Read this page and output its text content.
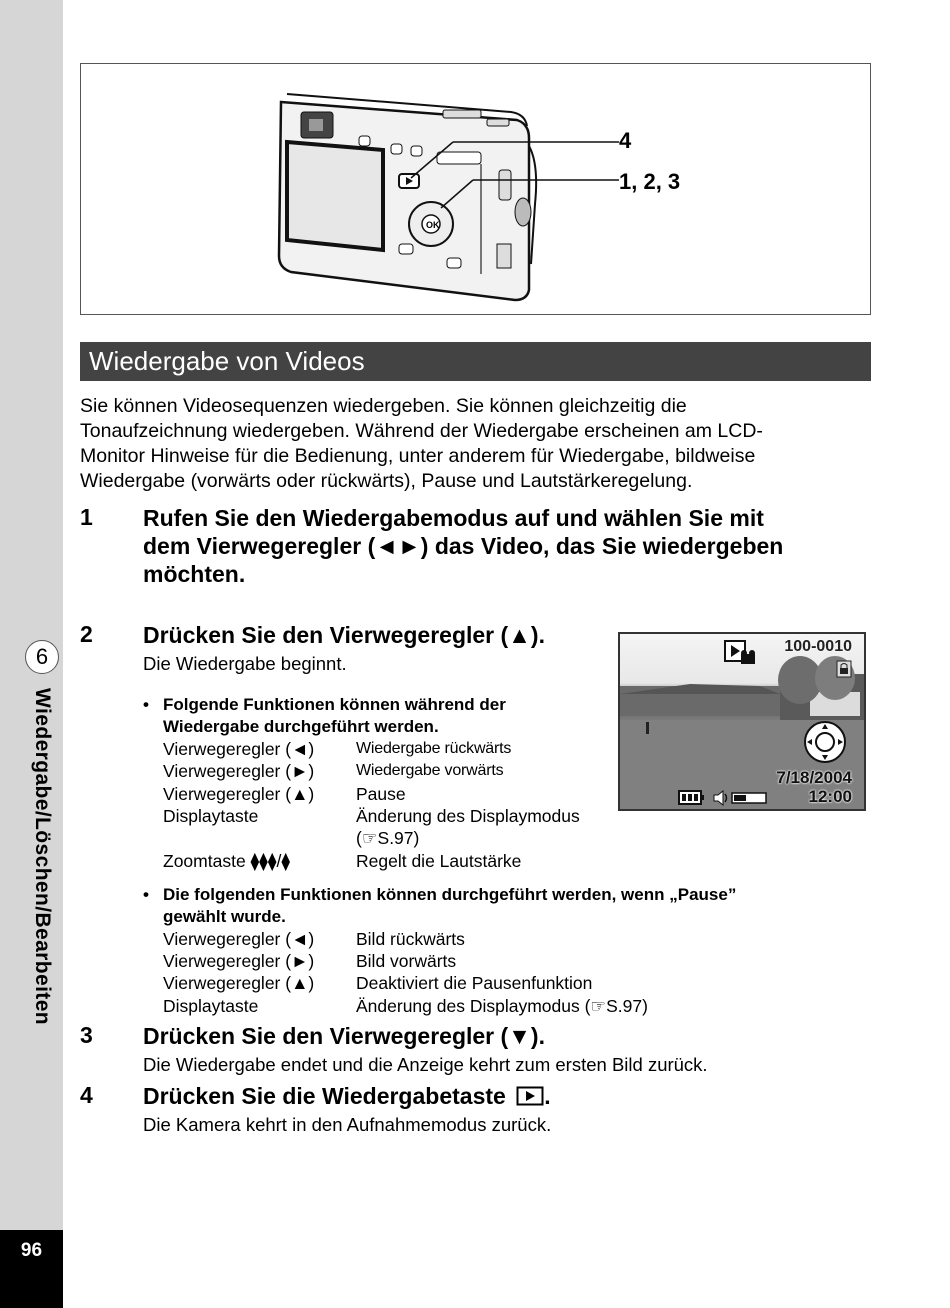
6
Wiedergabe/Löschen/Bearbeiten
96
OK
4
1, 2, 3
Wiedergabe von Videos
Sie können Videosequenzen wiedergeben. Sie können gleichzeitig die
Tonaufzeichnung wiedergeben. Während der Wiedergabe erscheinen am LCD-
Monitor Hinweise für die Bedienung, unter anderem für Wiedergabe, bildweise
Wiedergabe (vorwärts oder rückwärts), Pause und Lautstärkeregelung.
1 Rufen Sie den Wiedergabemodus auf und wählen Sie mit
dem Vierwegeregler (◄►) das Video, das Sie wiedergeben
möchten.
2 Drücken Sie den Vierwegeregler (▲).
Die Wiedergabe beginnt.
• Folgende Funktionen können während der
Wiedergabe durchgeführt werden.
Vierwegeregler (◄)	Wiedergabe rückwärts
Vierwegeregler (►)	Wiedergabe vorwärts
Vierwegeregler (▲) Pause
Displaytaste	Änderung des Displaymodus
(☞S.97)
Zoomtaste ⧫⧫⧫/⧫	Regelt die Lautstärke
• Die folgenden Funktionen können durchgeführt werden, wenn „Pause”
gewählt wurde.
Vierwegeregler (◄) Bild rückwärts
Vierwegeregler (►) Bild vorwärts
Vierwegeregler (▲) Deaktiviert die Pausenfunktion
Displaytaste	Änderung des Displaymodus (☞S.97)
3 Drücken Sie den Vierwegeregler (▼).
Die Wiedergabe endet und die Anzeige kehrt zum ersten Bild zurück.
4 Drücken Sie die Wiedergabetaste .
Die Kamera kehrt in den Aufnahmemodus zurück.
100-0010
7/18/2004
12:00
